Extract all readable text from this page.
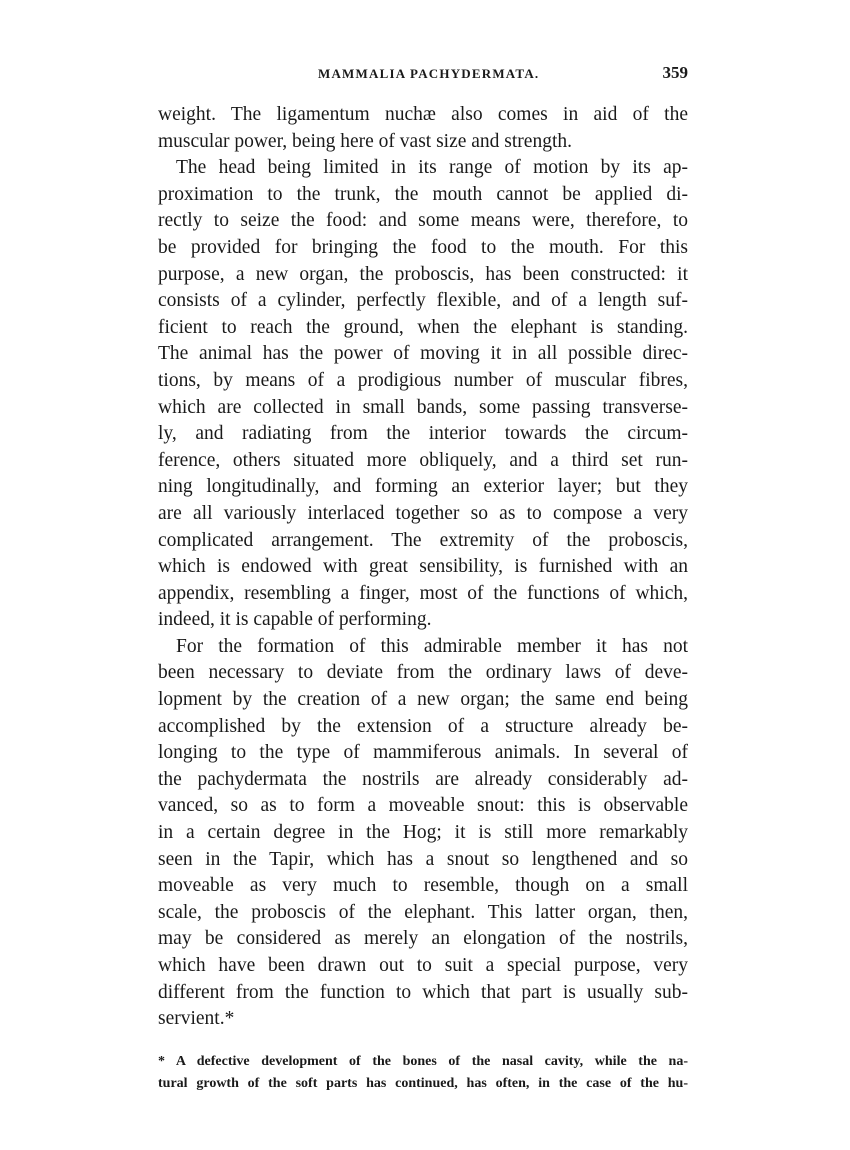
MAMMALIA PACHYDERMATA.	359
weight. The ligamentum nuchæ also comes in aid of the
muscular power, being here of vast size and strength.
The head being limited in its range of motion by its ap-
proximation to the trunk, the mouth cannot be applied di-
rectly to seize the food: and some means were, therefore, to
be provided for bringing the food to the mouth. For this
purpose, a new organ, the proboscis, has been constructed: it
consists of a cylinder, perfectly flexible, and of a length suf-
ficient to reach the ground, when the elephant is standing.
The animal has the power of moving it in all possible direc-
tions, by means of a prodigious number of muscular fibres,
which are collected in small bands, some passing transverse-
ly, and radiating from the interior towards the circum-
ference, others situated more obliquely, and a third set run-
ning longitudinally, and forming an exterior layer; but they
are all variously interlaced together so as to compose a very
complicated arrangement. The extremity of the proboscis,
which is endowed with great sensibility, is furnished with an
appendix, resembling a finger, most of the functions of which,
indeed, it is capable of performing.
For the formation of this admirable member it has not
been necessary to deviate from the ordinary laws of deve-
lopment by the creation of a new organ; the same end being
accomplished by the extension of a structure already be-
longing to the type of mammiferous animals. In several of
the pachydermata the nostrils are already considerably ad-
vanced, so as to form a moveable snout: this is observable
in a certain degree in the Hog; it is still more remarkably
seen in the Tapir, which has a snout so lengthened and so
moveable as very much to resemble, though on a small
scale, the proboscis of the elephant. This latter organ, then,
may be considered as merely an elongation of the nostrils,
which have been drawn out to suit a special purpose, very
different from the function to which that part is usually sub-
servient.*
* A defective development of the bones of the nasal cavity, while the na-
tural growth of the soft parts has continued, has often, in the case of the hu-
